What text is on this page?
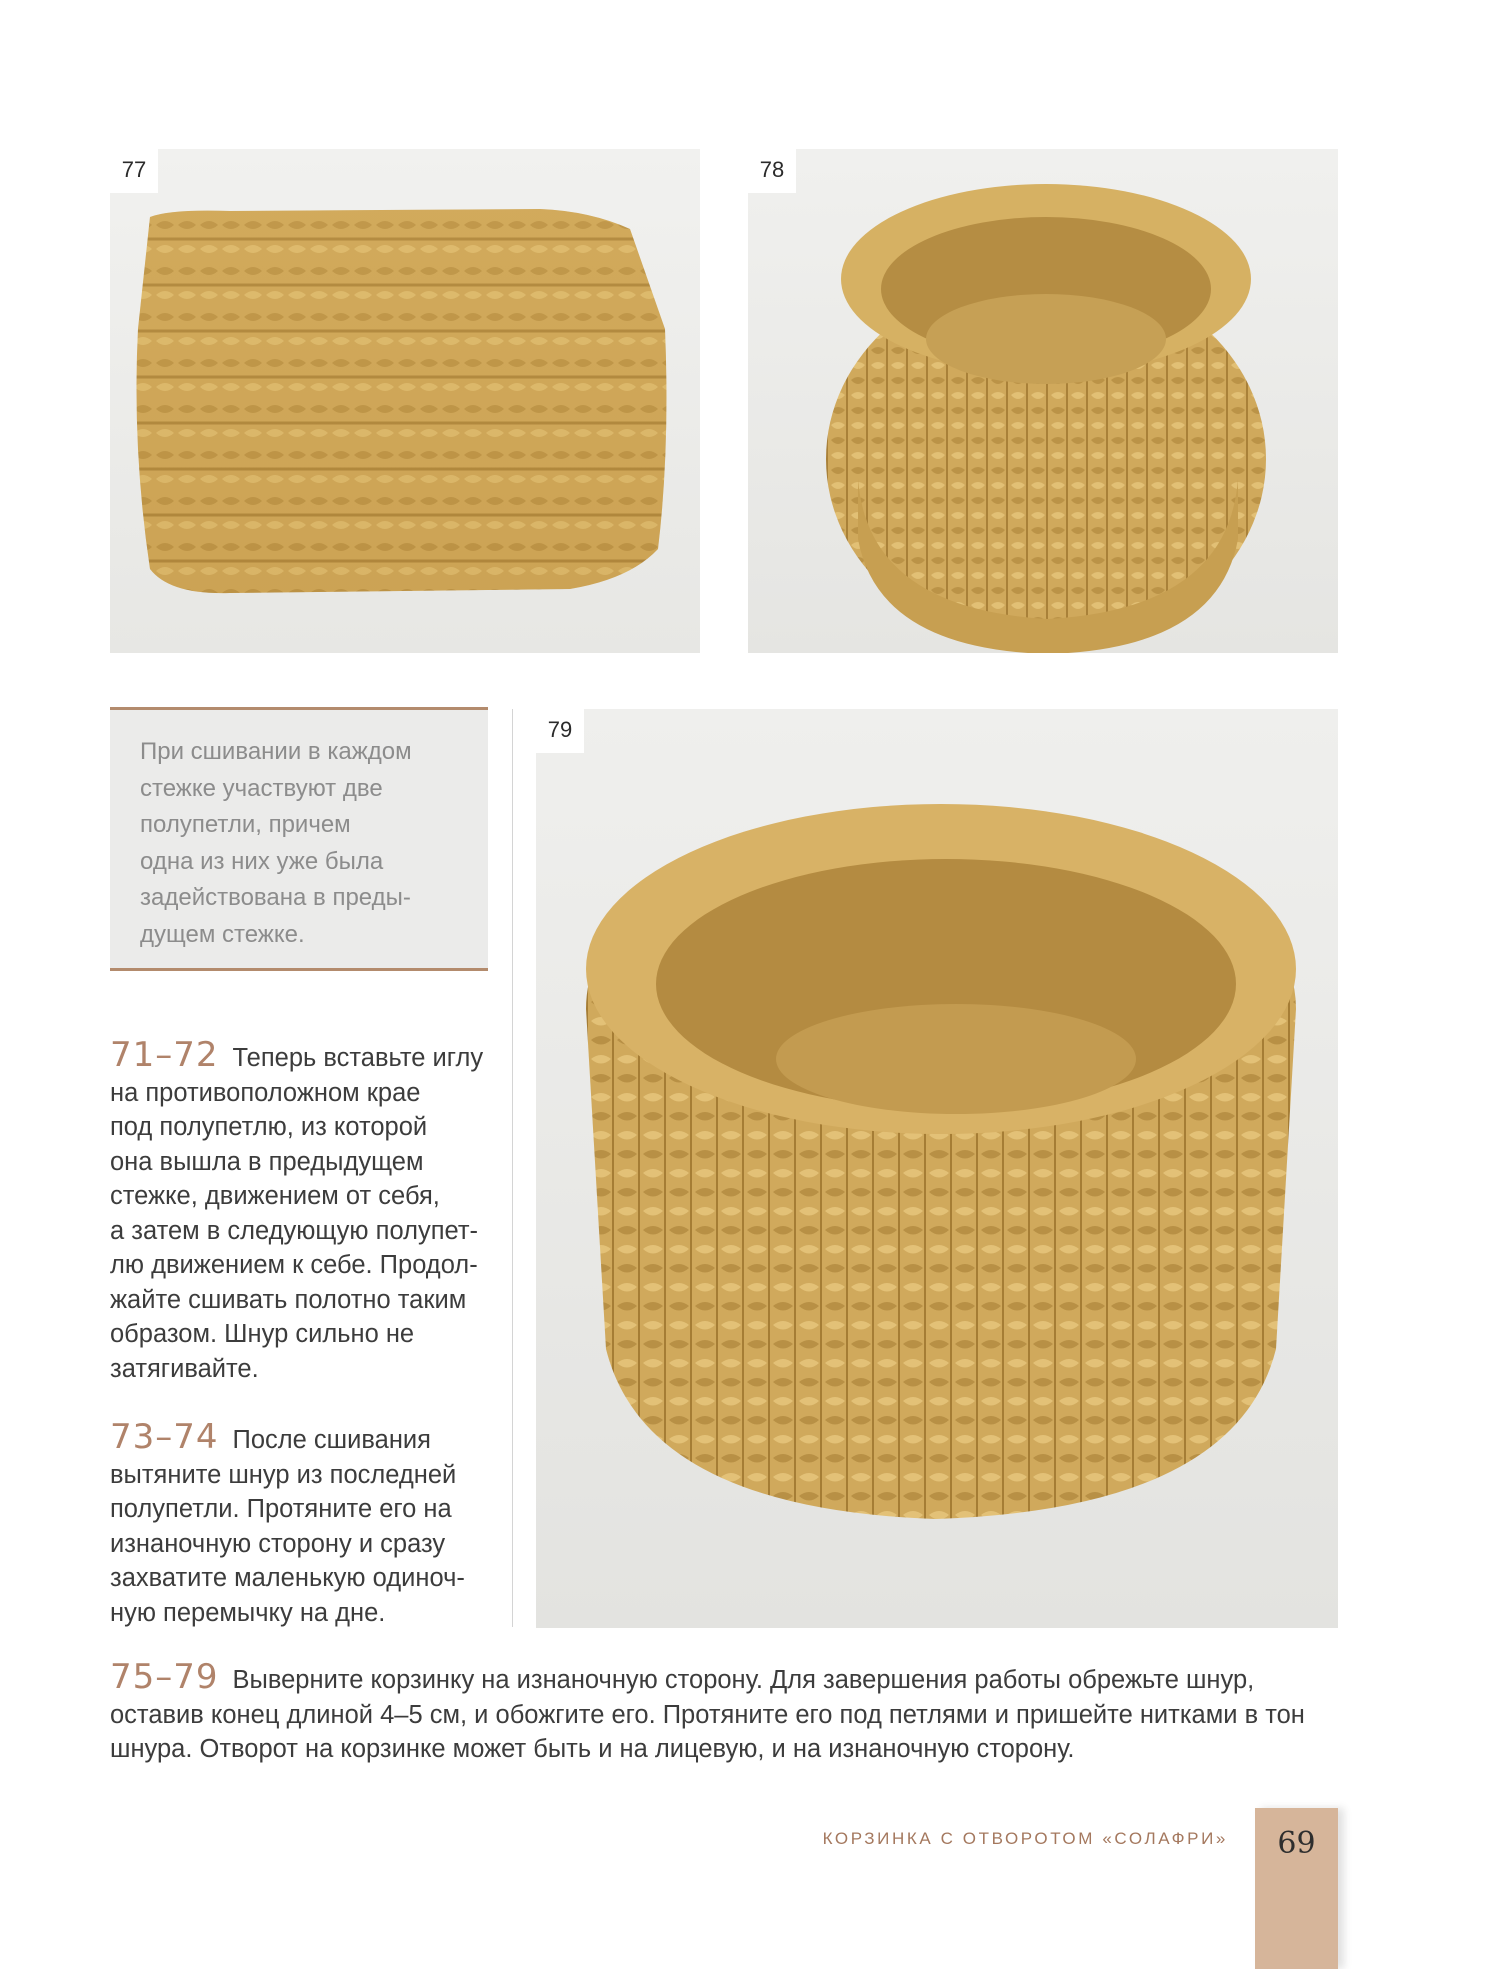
77	78

При сшивании в каждом
стежке участвуют две
полупетли, причем
одна из них уже была
задействована в преды-
дущем стежке.

79

71–72 Теперь вставьте иглу
на противоположном крае
под полупетлю, из которой
она вышла в предыдущем
стежке, движением от себя,
а затем в следующую полупет-
лю движением к себе. Продол-
жайте сшивать полотно таким
образом. Шнур сильно не
затягивайте.

73–74 После сшивания
вытяните шнур из последней
полупетли. Протяните его на
изнаночную сторону и сразу
захватите маленькую одиноч-
ную перемычку на дне.

75–79 Выверните корзинку на изнаночную сторону. Для завершения работы обрежьте шнур,
оставив конец длиной 4–5 см, и обожгите его. Протяните его под петлями и пришейте нитками в тон
шнура. Отворот на корзинке может быть и на лицевую, и на изнаночную сторону.

КОРЗИНКА С ОТВОРОТОМ «СОЛАФРИ»	69
